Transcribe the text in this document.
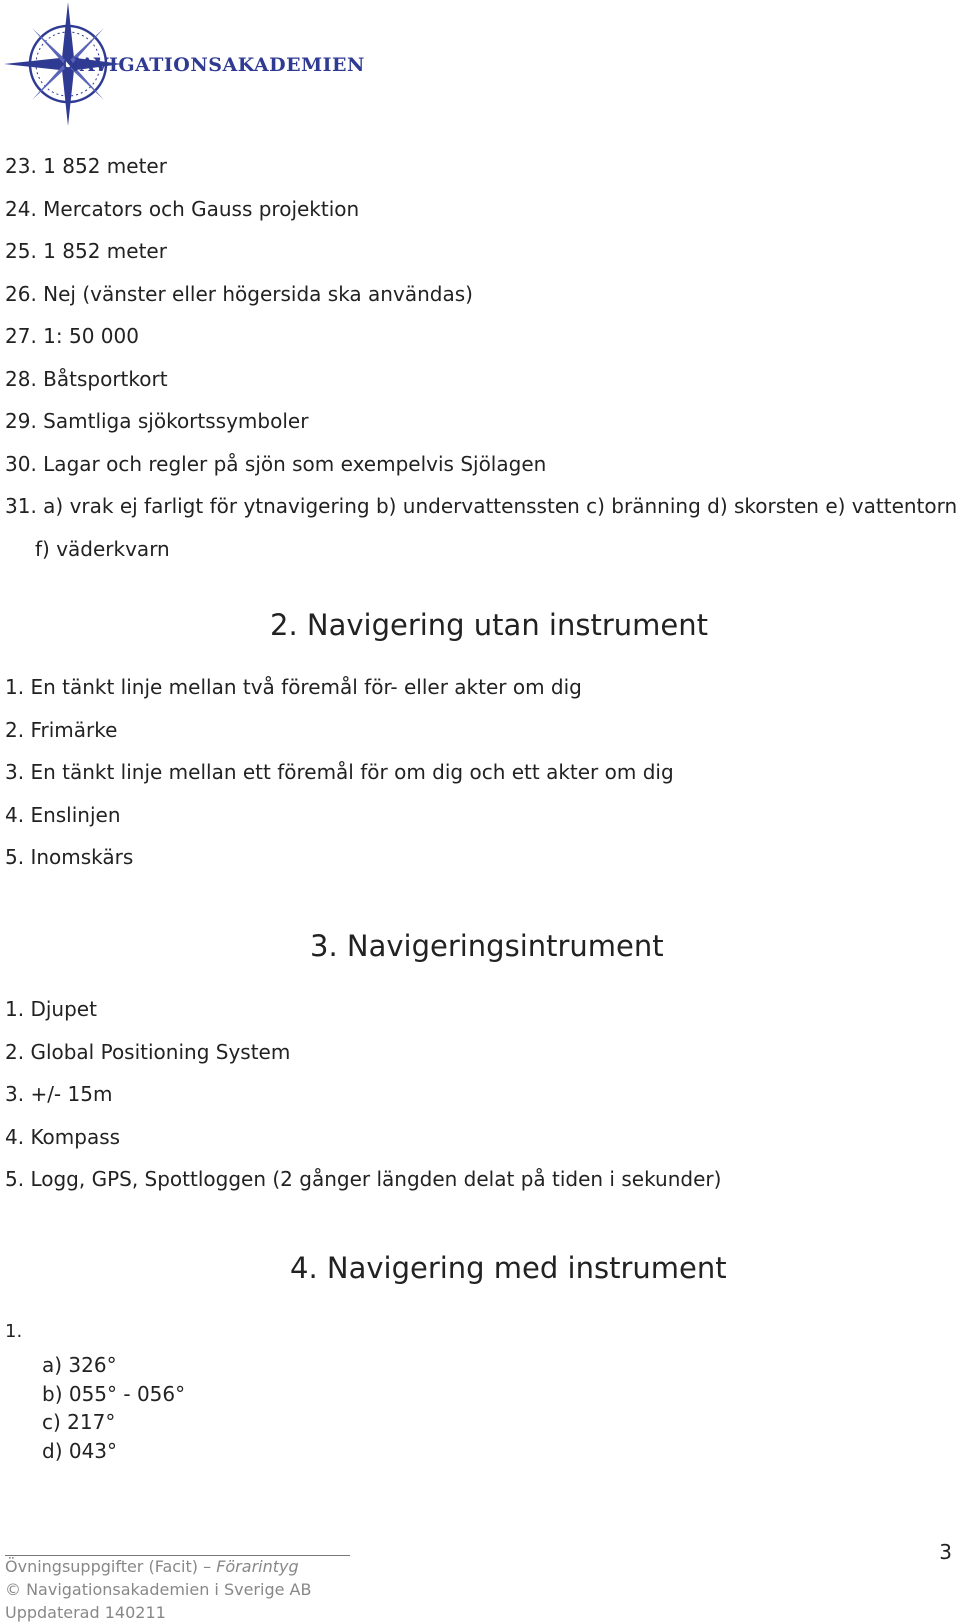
NAVIGATIONSAKADEMIEN
23. 1 852 meter
24. Mercators och Gauss projektion
25. 1 852 meter
26. Nej (vänster eller högersida ska användas)
27. 1: 50 000
28. Båtsportkort
29. Samtliga sjökortssymboler
30. Lagar och regler på sjön som exempelvis Sjölagen
31. a) vrak ej farligt för ytnavigering b) undervattenssten c) bränning d) skorsten e) vattentorn
f) väderkvarn
2. Navigering utan instrument
1. En tänkt linje mellan två föremål för- eller akter om dig
2. Frimärke
3. En tänkt linje mellan ett föremål för om dig och ett akter om dig
4. Enslinjen
5. Inomskärs
3. Navigeringsintrument
1. Djupet
2. Global Positioning System
3. +/- 15m
4. Kompass
5. Logg, GPS, Spottloggen (2 gånger längden delat på tiden i sekunder)
4. Navigering med instrument
1.
a) 326°
b) 055° - 056°
c) 217°
d) 043°
Övningsuppgifter (Facit) – Förarintyg
© Navigationsakademien i Sverige AB
Uppdaterad 140211
3
